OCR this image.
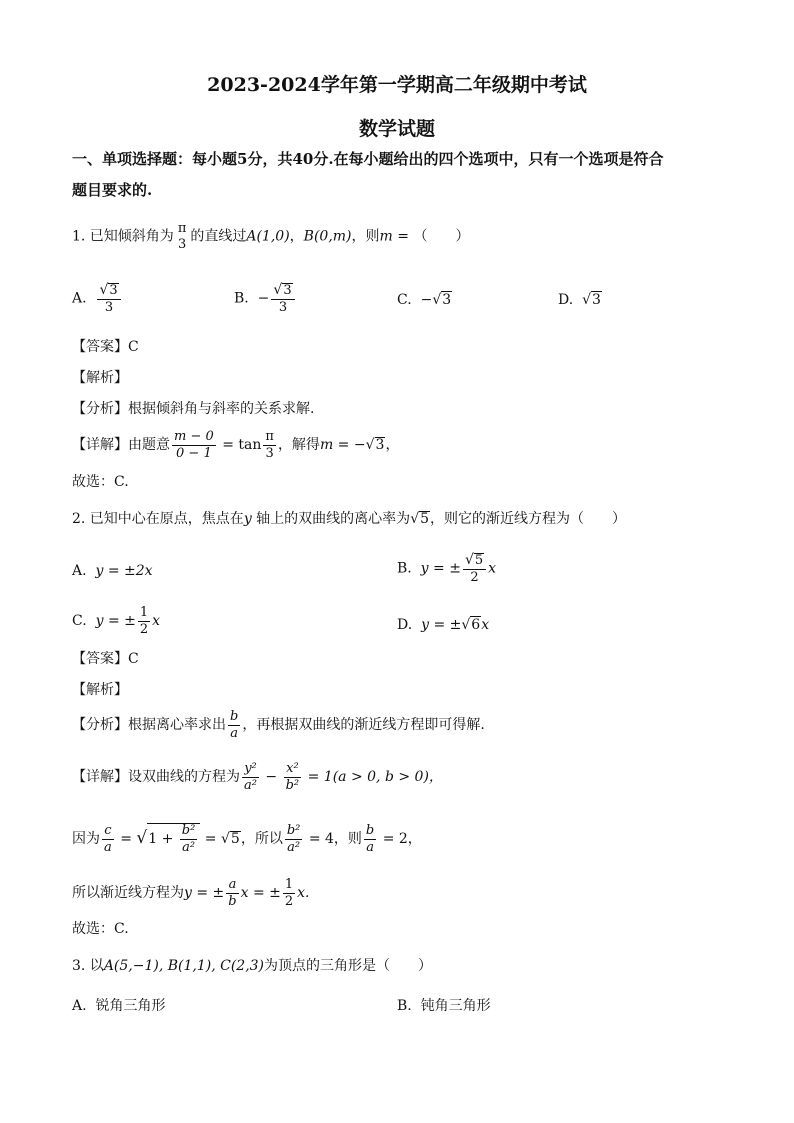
2023-2024学年第一学期高二年级期中考试
数学试题
一、单项选择题：每小题5分，共40分.在每小题给出的四个选项中，只有一个选项是符合
题目要求的.
1. 已知倾斜角为
π
3 的直线过A(1,0)，B(0,m)，则m = （　　）
A. $\frac{√3}{3}$	B. − $\frac{√3}{3}$	C. −√3	D. √3
【答案】C
【解析】
【分析】根据倾斜角与斜率的关系求解.
【详解】由题意 $\frac{m - 0}{0 - 1} = \tan \frac{\pi}{3}$ ，解得m = −√3，
故选：C.
2. 已知中心在原点，焦点在y 轴上的双曲线的离心率为√5，则它的渐近线方程为（　　）
A. y = ±2x	B. y = ± $\frac{√5}{2}$ x
C. y = ± $\frac{1}{2}$ x	D. y = ±√6x
【答案】C
【解析】
【分析】根据离心率求出 $\frac{b}{a}$ ，再根据双曲线的渐近线方程即可得解.
【详解】设双曲线的方程为 $\frac{\text{y²}}{\text{a²}} - \frac{\text{x²}}{\text{b²}} = 1(a > 0$, b > 0)，
因为 $\frac{c}{a} = √1 + \frac{\text{b²}}{\text{a²}} = √5$，所以 $\frac{\text{b²}}{\text{a²}} = 4$，则 $\frac{b}{a} = 2$，
所以渐近线方程为y = ± $\frac{a}{b}$ x = ± $\frac{1}{2} x$.
故选：C.
3. 以A(5,−1), B(1,1), C(2,3)为顶点的三角形是（　　）
A. 锐角三角形	B. 钝角三角形
